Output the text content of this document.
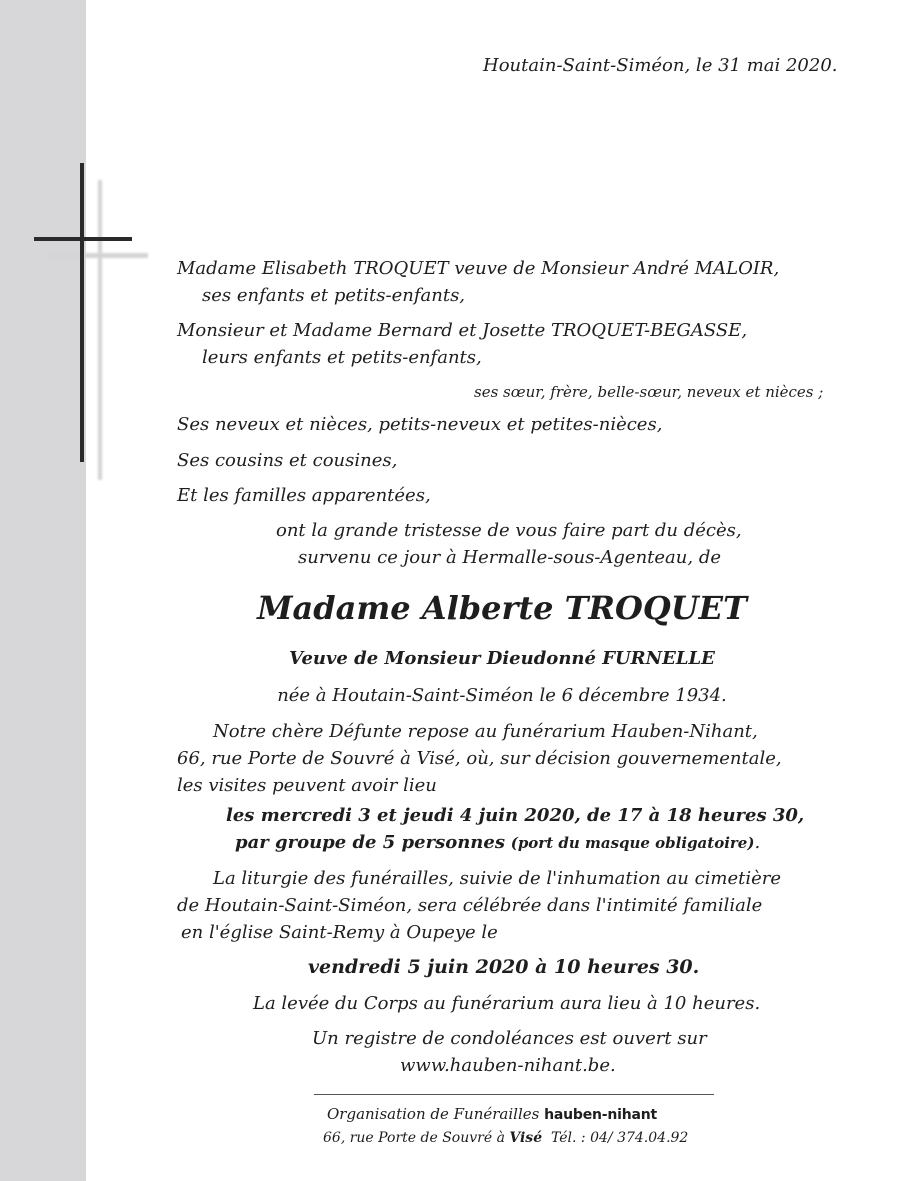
Houtain-Saint-Siméon, le 31 mai 2020.
Madame Elisabeth TROQUET veuve de Monsieur André MALOIR,
ses enfants et petits-enfants,
Monsieur et Madame Bernard et Josette TROQUET-BEGASSE,
leurs enfants et petits-enfants,
ses sœur, frère, belle-sœur, neveux et nièces ;
Ses neveux et nièces, petits-neveux et petites-nièces,
Ses cousins et cousines,
Et les familles apparentées,
ont la grande tristesse de vous faire part du décès,
survenu ce jour à Hermalle-sous-Agenteau, de
Madame Alberte TROQUET
Veuve de Monsieur Dieudonné FURNELLE
née à Houtain-Saint-Siméon le 6 décembre 1934.
Notre chère Défunte repose au funérarium Hauben-Nihant,
66, rue Porte de Souvré à Visé, où, sur décision gouvernementale,
les visites peuvent avoir lieu
les mercredi 3 et jeudi 4 juin 2020, de 17 à 18 heures 30,
par groupe de 5 personnes (port du masque obligatoire).
La liturgie des funérailles, suivie de l'inhumation au cimetière
de Houtain-Saint-Siméon, sera célébrée dans l'intimité familiale
en l'église Saint-Remy à Oupeye le
vendredi 5 juin 2020 à 10 heures 30.
La levée du Corps au funérarium aura lieu à 10 heures.
Un registre de condoléances est ouvert sur
www.hauben-nihant.be.
Organisation de Funérailles hauben-nihant
66, rue Porte de Souvré à Visé Tél. : 04/ 374.04.92
